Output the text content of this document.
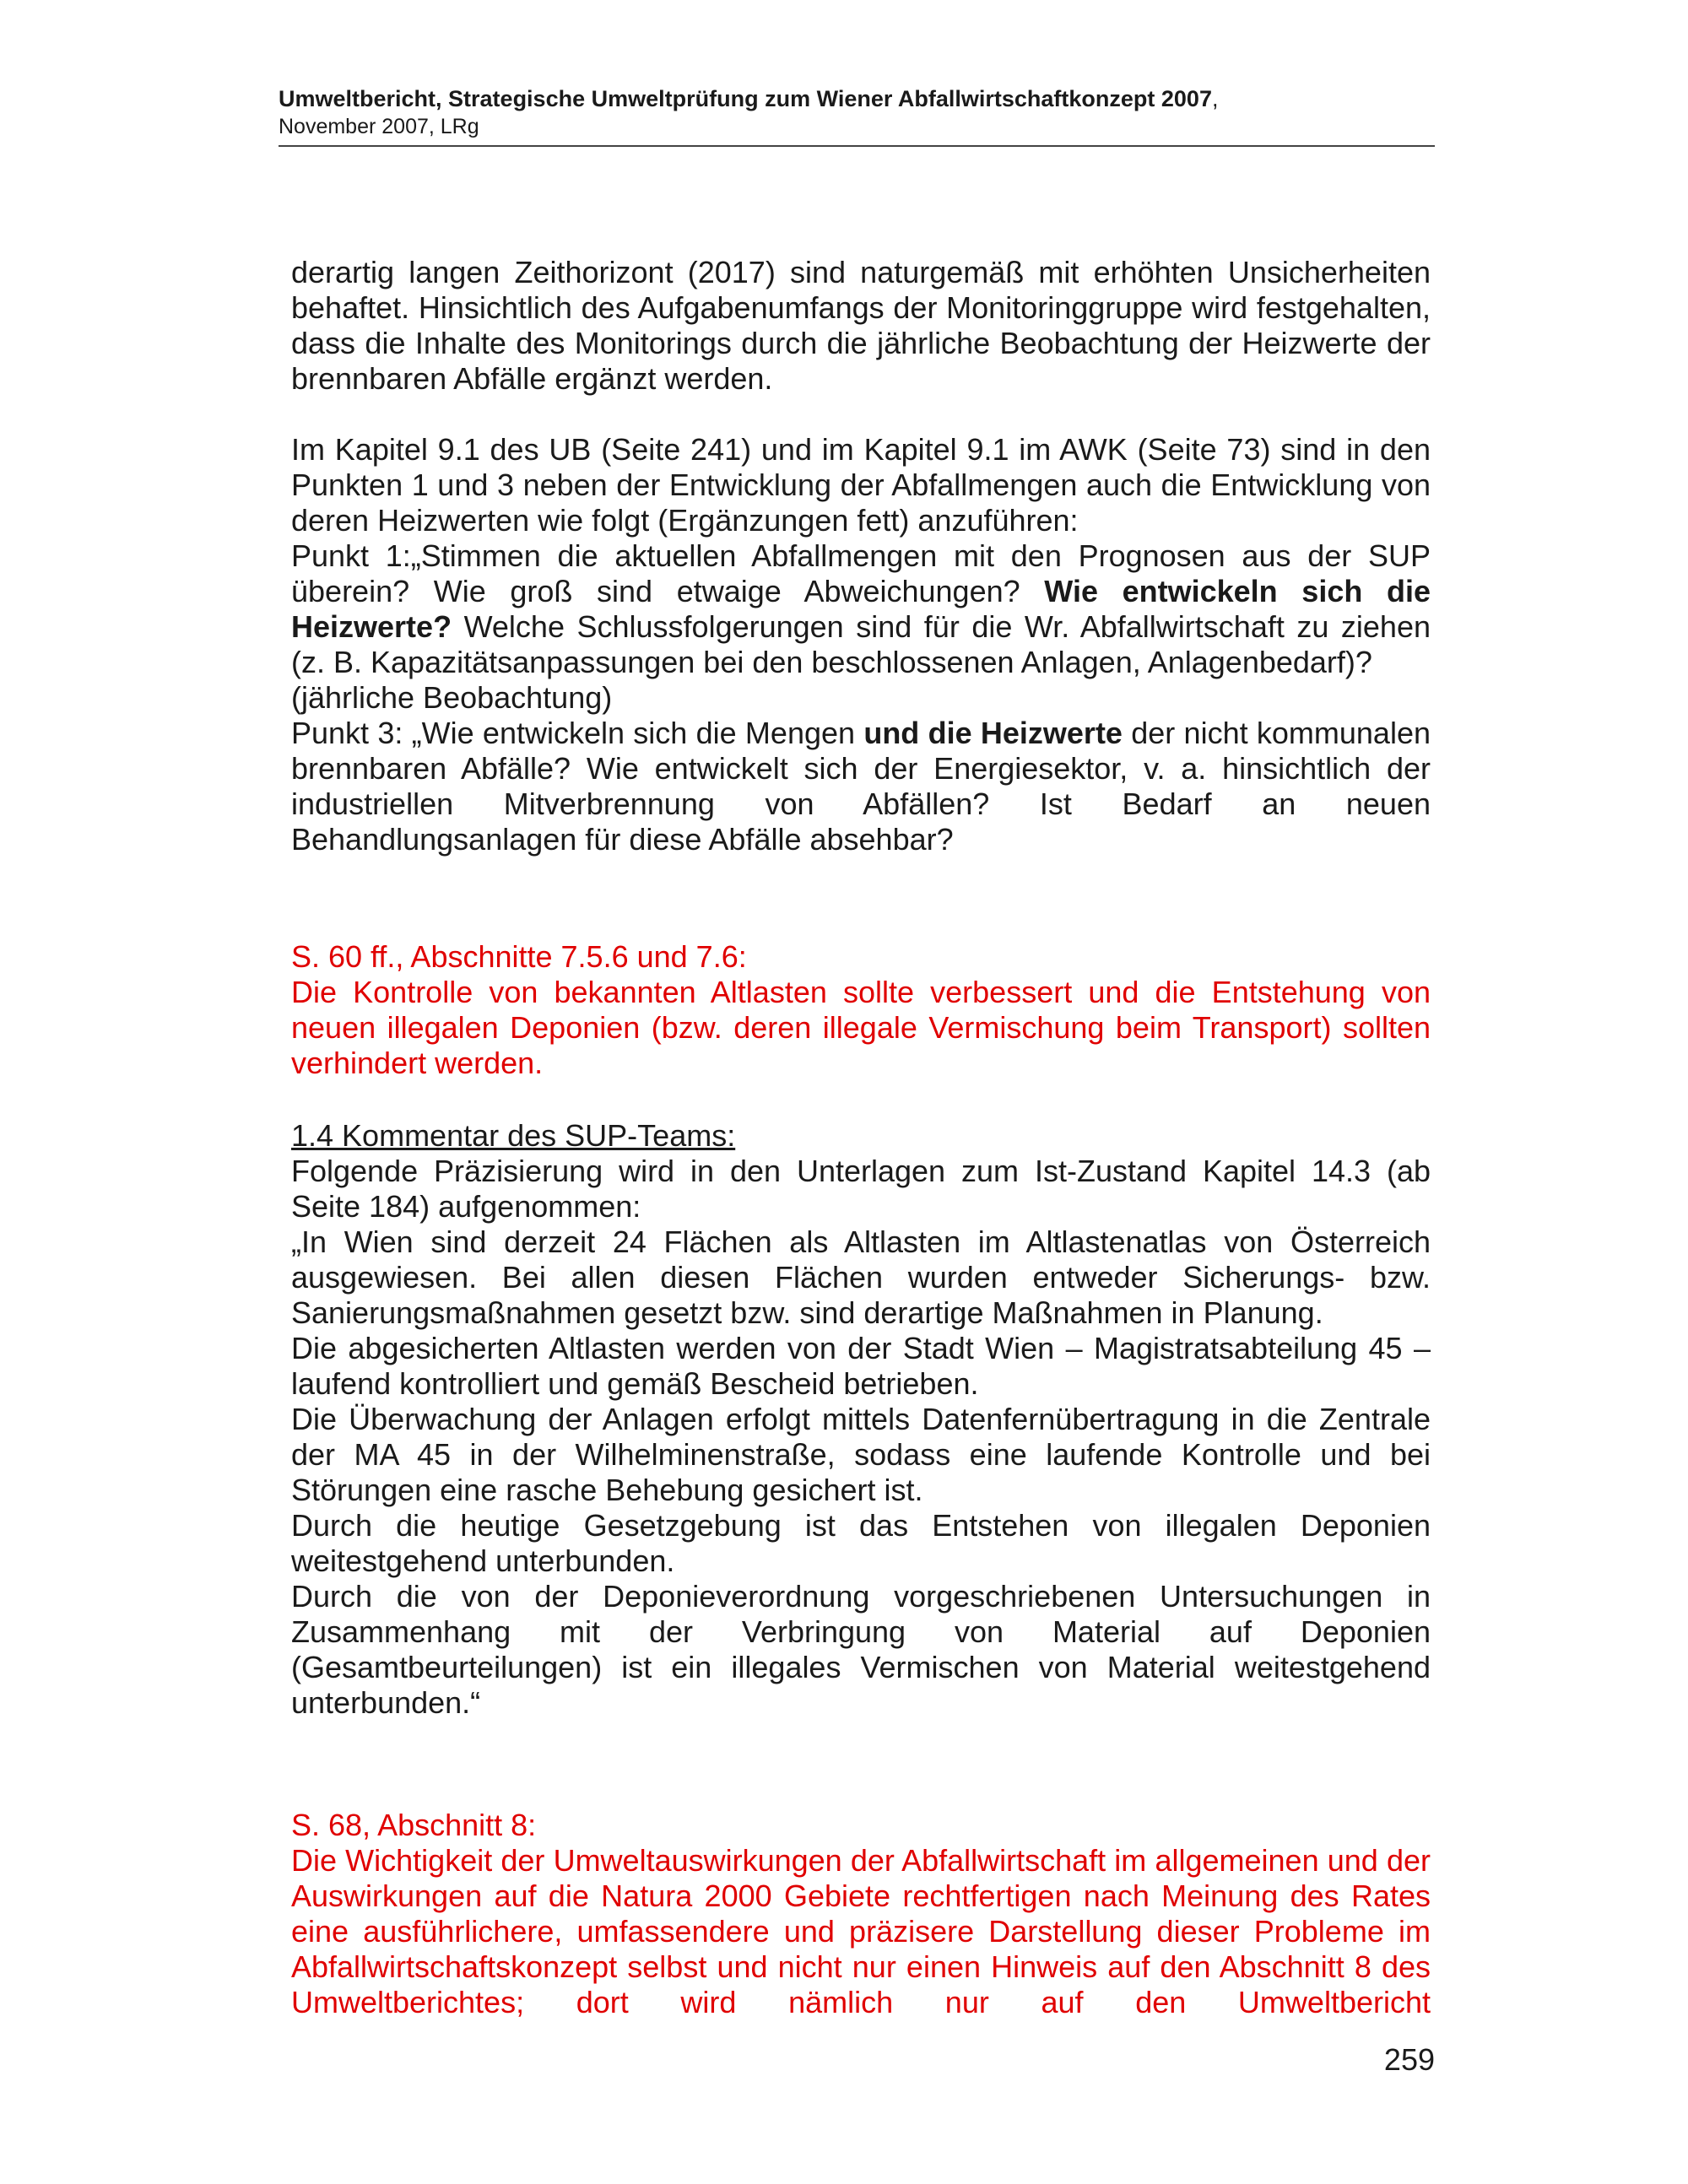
Umweltbericht, Strategische Umweltprüfung zum Wiener Abfallwirtschaftkonzept 2007,
November 2007, LRg

derartig langen Zeithorizont (2017) sind naturgemäß mit erhöhten Unsicherheiten behaftet. Hinsichtlich des Aufgabenumfangs der Monitoringgruppe wird festgehalten, dass die Inhalte des Monitorings durch die jährliche Beobachtung der Heizwerte der brennbaren Abfälle ergänzt werden.

Im Kapitel 9.1 des UB (Seite 241) und im Kapitel 9.1 im AWK (Seite 73) sind in den Punkten 1 und 3 neben der Entwicklung der Abfallmengen auch die Entwicklung von deren Heizwerten wie folgt (Ergänzungen fett) anzuführen:

Punkt 1:„Stimmen die aktuellen Abfallmengen mit den Prognosen aus der SUP überein? Wie groß sind etwaige Abweichungen? Wie entwickeln sich die Heizwerte? Welche Schlussfolgerungen sind für die Wr. Abfallwirtschaft zu ziehen (z. B. Kapazitätsanpassungen bei den beschlossenen Anlagen, Anlagenbedarf)?

(jährliche Beobachtung)

Punkt 3: „Wie entwickeln sich die Mengen und die Heizwerte der nicht kommunalen brennbaren Abfälle? Wie entwickelt sich der Energiesektor, v. a. hinsichtlich der industriellen Mitverbrennung von Abfällen? Ist Bedarf an neuen Behandlungsanlagen für diese Abfälle absehbar?

S. 60 ff., Abschnitte 7.5.6 und 7.6:

Die Kontrolle von bekannten Altlasten sollte verbessert und die Entstehung von neuen illegalen Deponien (bzw. deren illegale Vermischung beim Transport) sollten verhindert werden.

1.4 Kommentar des SUP-Teams:

Folgende Präzisierung wird in den Unterlagen zum Ist-Zustand Kapitel 14.3 (ab Seite 184) aufgenommen:

„In Wien sind derzeit 24 Flächen als Altlasten im Altlastenatlas von Österreich ausgewiesen. Bei allen diesen Flächen wurden entweder Sicherungs- bzw. Sanierungsmaßnahmen gesetzt bzw. sind derartige Maßnahmen in Planung.

Die abgesicherten Altlasten werden von der Stadt Wien – Magistratsabteilung 45 – laufend kontrolliert und gemäß Bescheid betrieben.

Die Überwachung der Anlagen erfolgt mittels Datenfernübertragung in die Zentrale der MA 45 in der Wilhelminenstraße, sodass eine laufende Kontrolle und bei Störungen eine rasche Behebung gesichert ist.

Durch die heutige Gesetzgebung ist das Entstehen von illegalen Deponien weitestgehend unterbunden.

Durch die von der Deponieverordnung vorgeschriebenen Untersuchungen in Zusammenhang mit der Verbringung von Material auf Deponien (Gesamtbeurteilungen) ist ein illegales Vermischen von Material weitestgehend unterbunden.“

S. 68, Abschnitt 8:

Die Wichtigkeit der Umweltauswirkungen der Abfallwirtschaft im allgemeinen und der Auswirkungen auf die Natura 2000 Gebiete rechtfertigen nach Meinung des Rates eine ausführlichere, umfassendere und präzisere Darstellung dieser Probleme im Abfallwirtschaftskonzept selbst und nicht nur einen Hinweis auf den Abschnitt 8 des Umweltberichtes; dort wird nämlich nur auf den Umweltbericht

259
